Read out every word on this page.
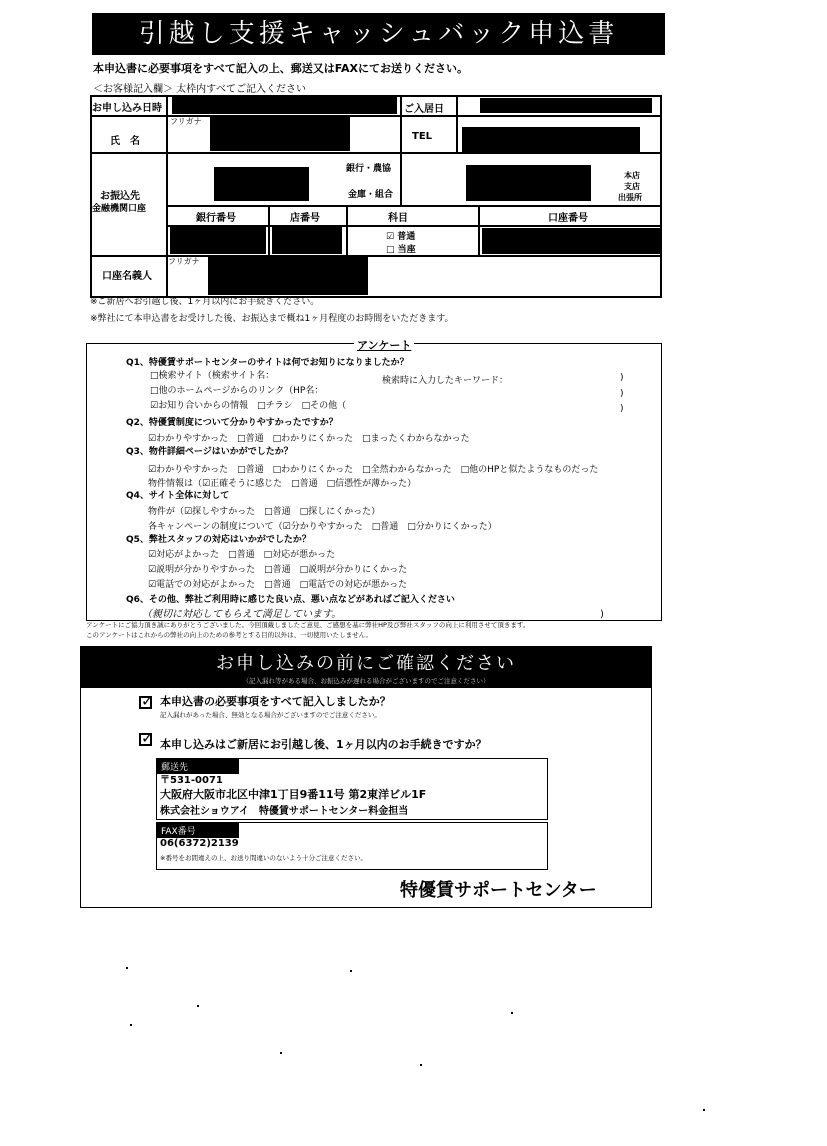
引越し支援キャッシュバック申込書
本申込書に必要事項をすべて記入の上、郵送又はFAXにてお送りください。
＜お客様記入欄＞ 太枠内すべてご記入ください
お申し込み日時	ご入居日
フリガナ
氏　名	TEL
お振込先
金融機関口座
銀行・農協
金庫・組合
本店
支店
出張所
銀行番号	店番号	科目	口座番号
☑ 普通
□ 当座
フリガナ
口座名義人
※ご新居へお引越し後、1ヶ月以内にお手続きください。
※弊社にて本申込書をお受けした後、お振込まで概ね1ヶ月程度のお時間をいただきます。
アンケート
Q1、特優賃サポートセンターのサイトは何でお知りになりましたか？
□検索サイト（検索サイト名：	検索時に入力したキーワード：	)
□他のホームページからのリンク（HP名：	)
☑お知り合いからの情報　 □チラシ　□その他（	)
Q2、特優賃制度について分かりやすかったですか？
☑わかりやすかった　 □普通　□わかりにくかった　□まったくわからなかった
Q3、物件詳細ページはいかがでしたか？
☑わかりやすかった　 □普通　□わかりにくかった　□全然わからなかった　□他のHPと似たようなものだった
物件情報は（☑正確そうに感じた　 □普通　□信憑性が薄かった）
Q4、サイト全体に対して
物件が（☑探しやすかった　 □普通　□探しにくかった）
各キャンペーンの制度について（☑分かりやすかった　 □普通　□分かりにくかった）
Q5、弊社スタッフの対応はいかがでしたか？
☑対応がよかった　 □普通　□対応が悪かった
☑説明が分かりやすかった　 □普通　□説明が分かりにくかった
☑電話での対応がよかった　 □普通　□電話での対応が悪かった
Q6、その他、弊社ご利用時に感じた良い点、悪い点などがあればご記入ください
（親切に対応してもらえて満足しています。	)
アンケートにご協力頂き誠にありがとうございました。今回頂戴しましたご意見、ご感想を基に弊社HP及び弊社スタッフの向上に利用させて頂きます。
このアンケートはこれからの弊社の向上のための参考とする目的以外は、一切使用いたしません。
お申し込みの前にご確認ください
（記入漏れ等がある場合、お振込みが遅れる場合がございますのでご注意ください）
✓
本申込書の必要事項をすべて記入しましたか？
記入漏れがあった場合、無効となる場合がございますのでご注意ください。
✓
本申し込みはご新居にお引越し後、1ヶ月以内のお手続きですか？
郵送先
〒531-0071
大阪府大阪市北区中津1丁目9番11号 第2東洋ビル1F
株式会社ショウアイ　特優賃サポートセンター料金担当
FAX番号
06(6372)2139
※番号をお間違えの上、お送り間違いのないよう十分ご注意ください。
特優賃サポートセンター
